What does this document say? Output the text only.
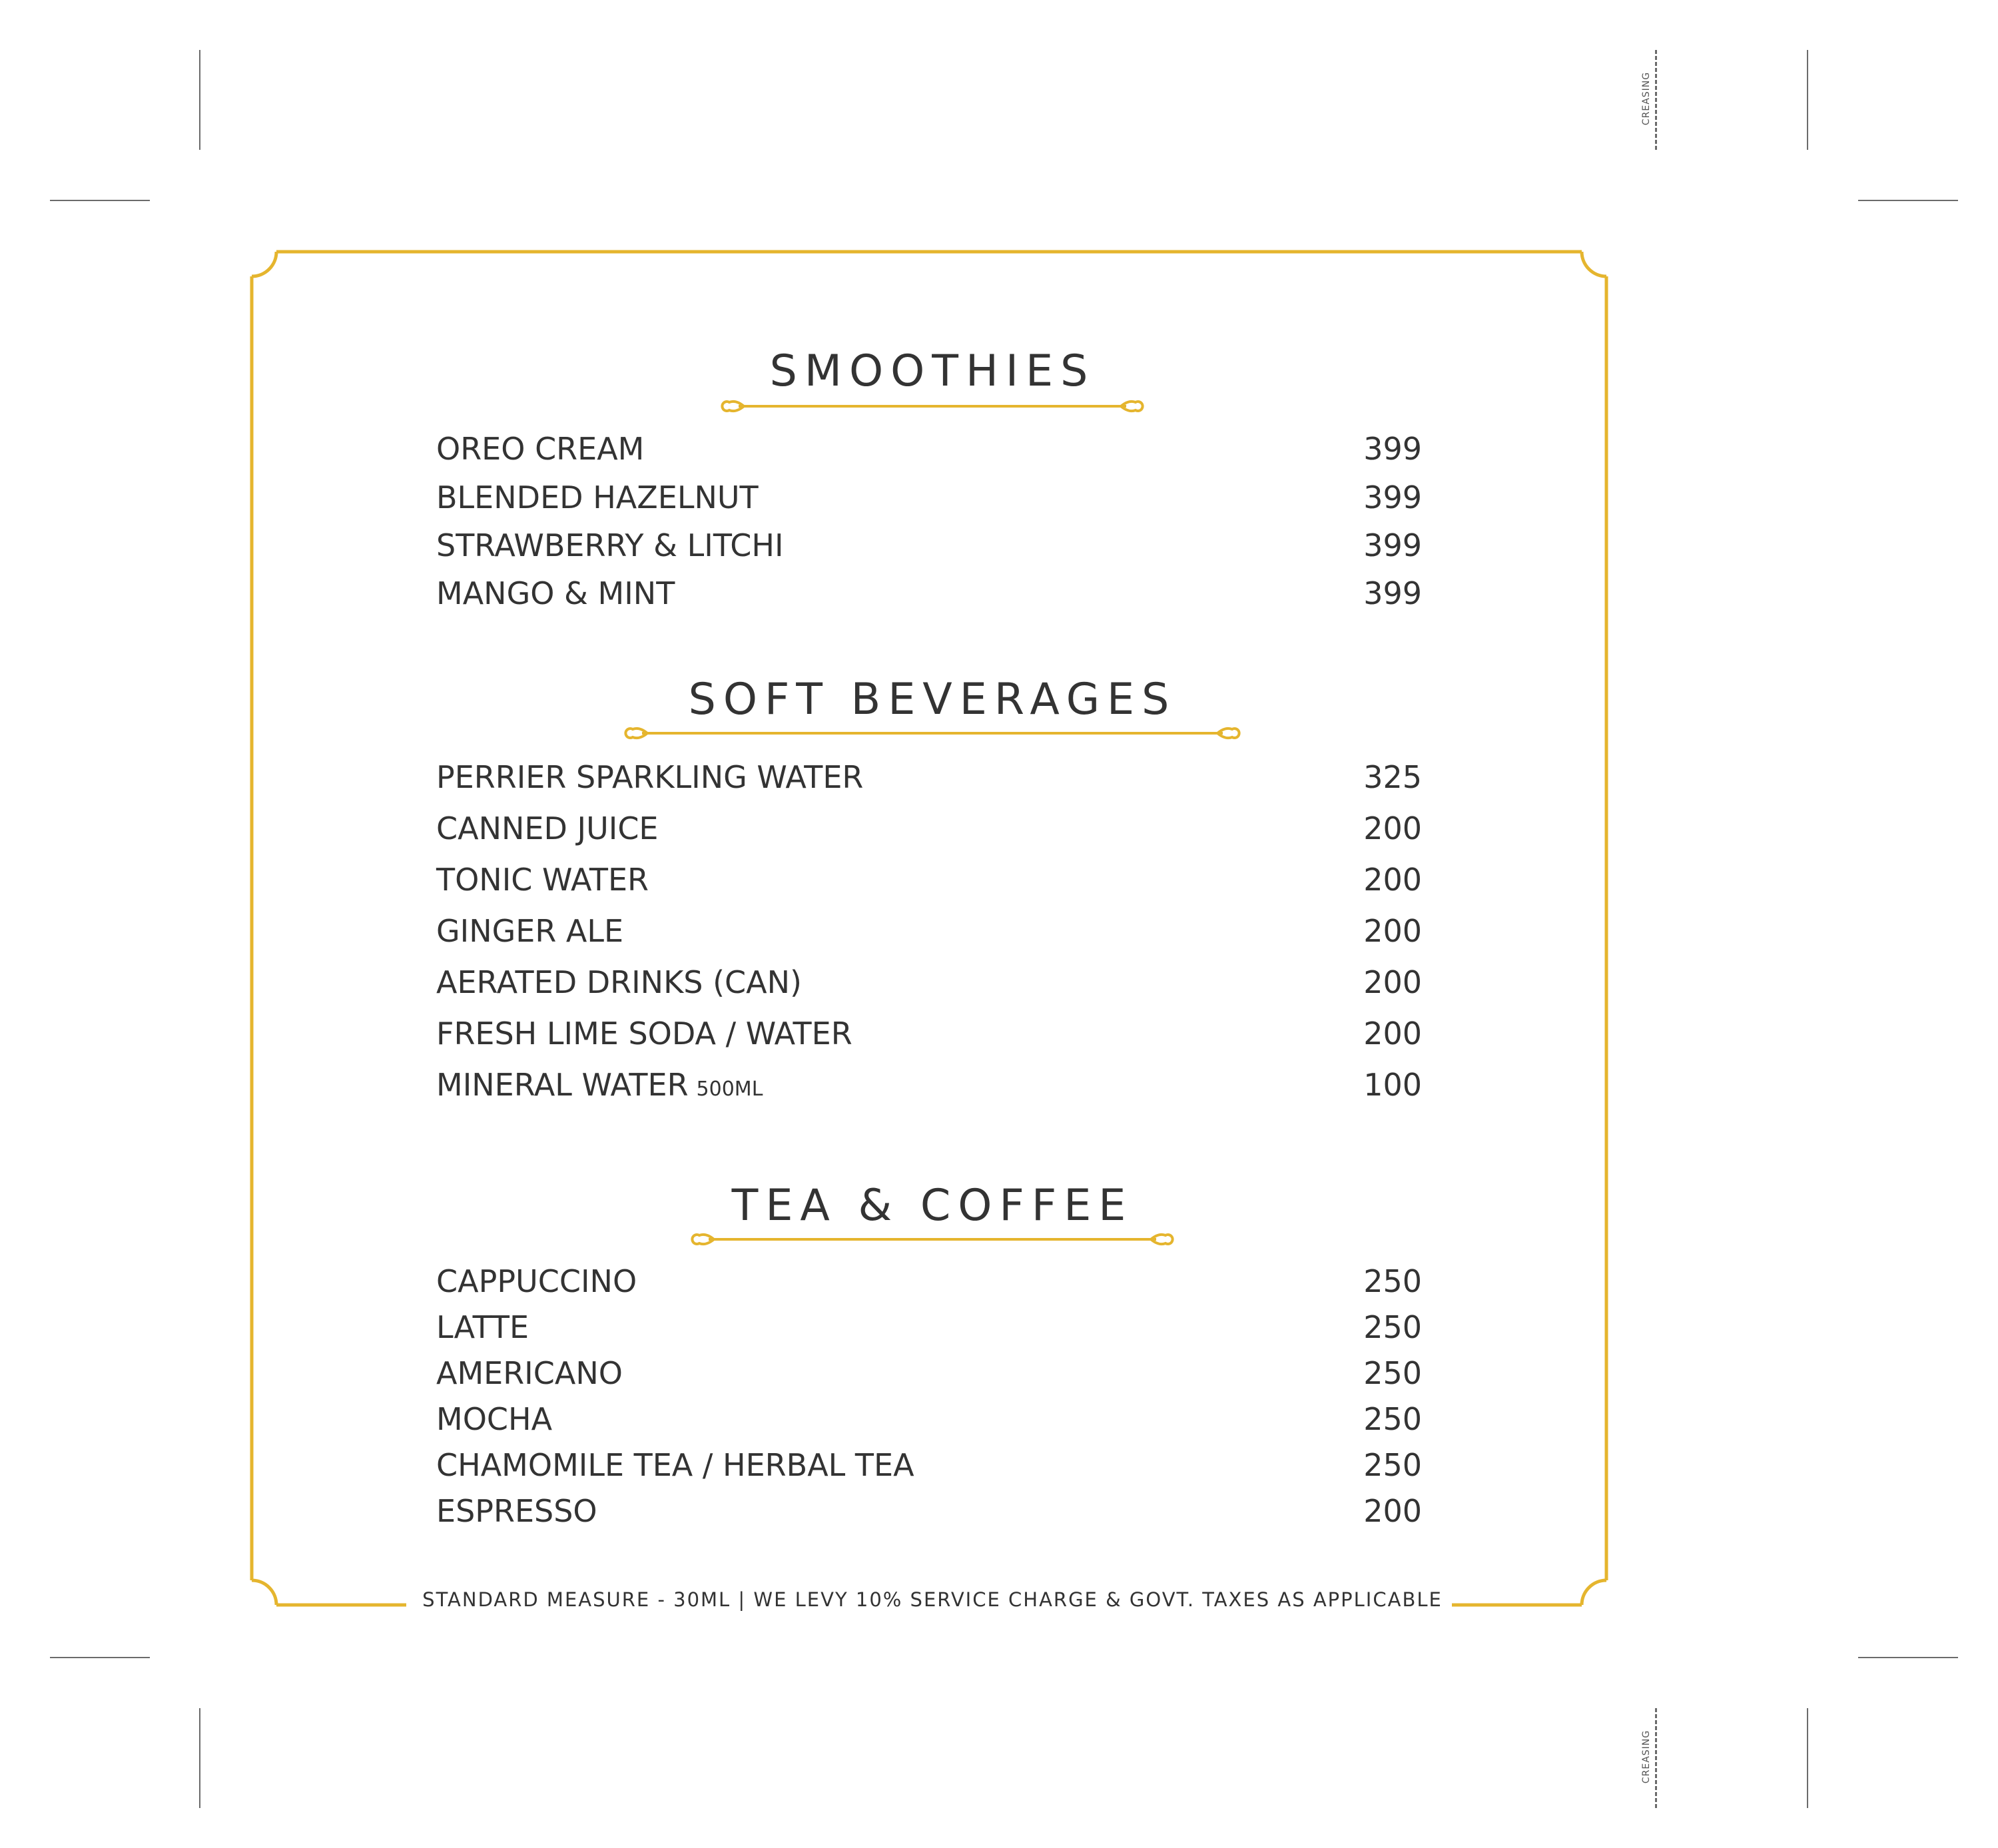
CREASING
CREASING
SMOOTHIES
OREO CREAM	399
BLENDED HAZELNUT	399
STRAWBERRY & LITCHI	399
MANGO & MINT	399
SOFT BEVERAGES
PERRIER SPARKLING WATER	325
CANNED JUICE	200
TONIC WATER	200
GINGER ALE	200
AERATED DRINKS (CAN)	200
FRESH LIME SODA / WATER	200
MINERAL WATER 500ML	100
TEA & COFFEE
CAPPUCCINO	250
LATTE	250
AMERICANO	250
MOCHA	250
CHAMOMILE TEA / HERBAL TEA	250
ESPRESSO	200
STANDARD MEASURE - 30ML | WE LEVY 10% SERVICE CHARGE & GOVT. TAXES AS APPLICABLE
